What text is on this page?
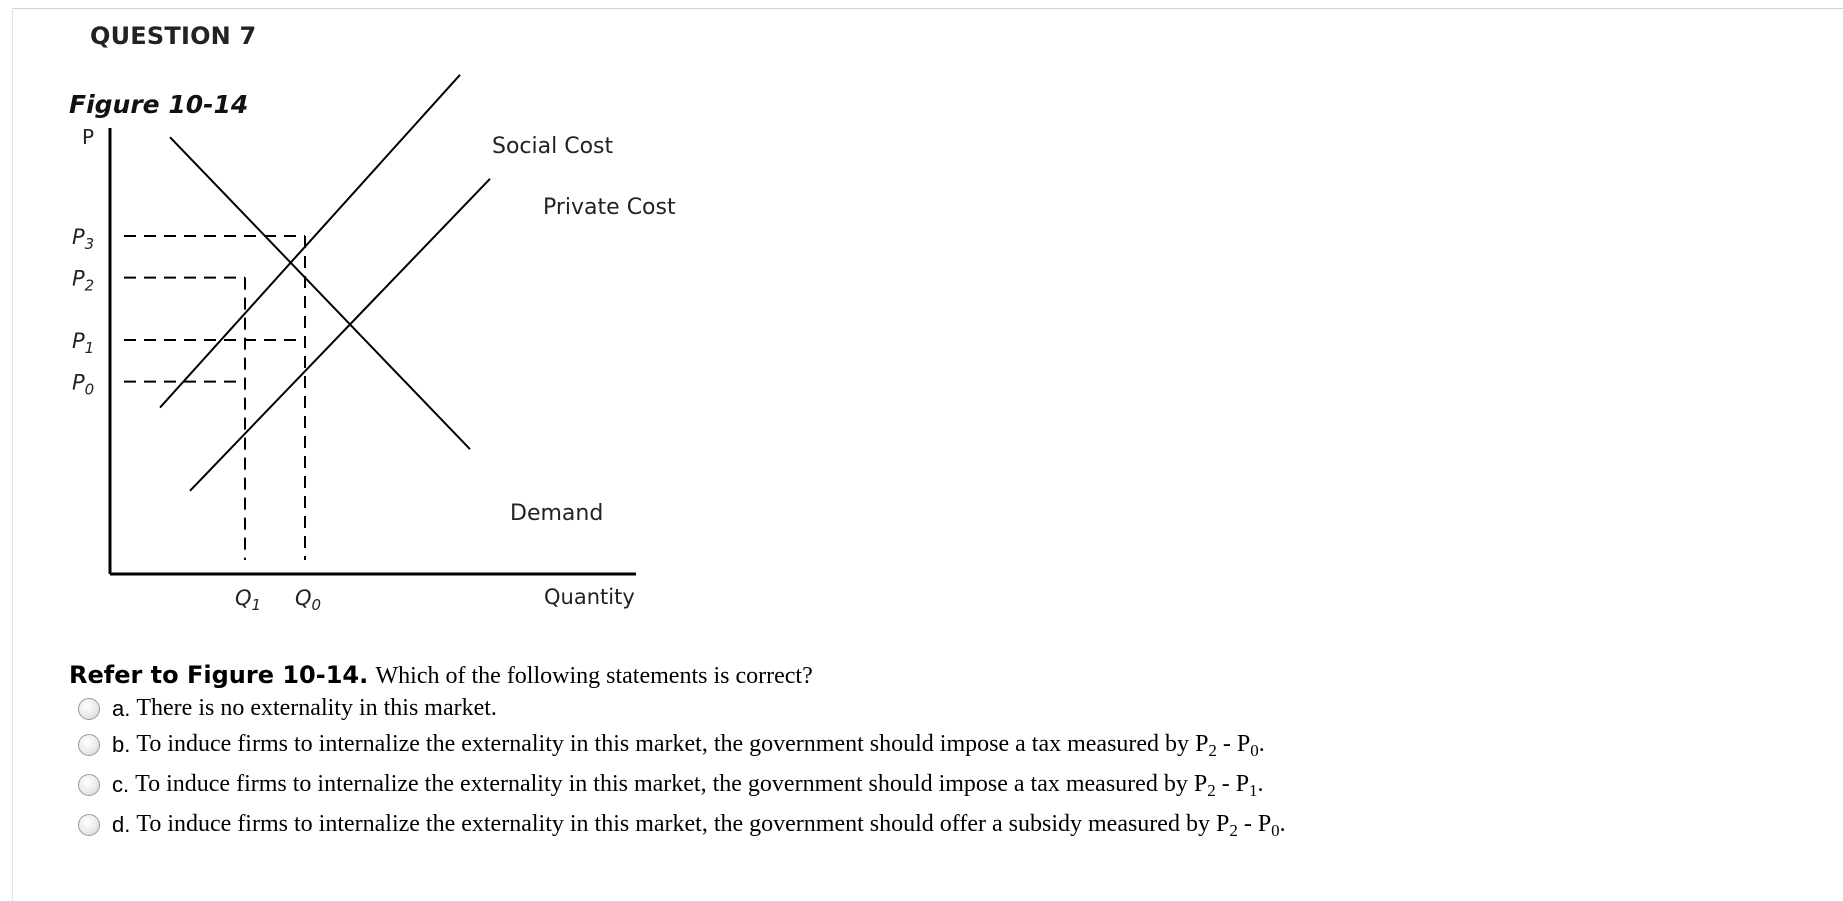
QUESTION 7
Figure 10-14
P
Quantity
Social Cost
Private Cost
Demand
$P_3$
$P_2$
$P_1$
$P_0$
$Q_1$ $Q_0$
Refer to Figure 10-14. Which of the following statements is correct?
a. There is no externality in this market.
b. To induce firms to internalize the externality in this market, the government should impose a tax measured by $P_2 - P_0$.
c. To induce firms to internalize the externality in this market, the government should impose a tax measured by $P_2 - P_1$.
d. To induce firms to internalize the externality in this market, the government should offer a subsidy measured by $P_2 - P_0$.
